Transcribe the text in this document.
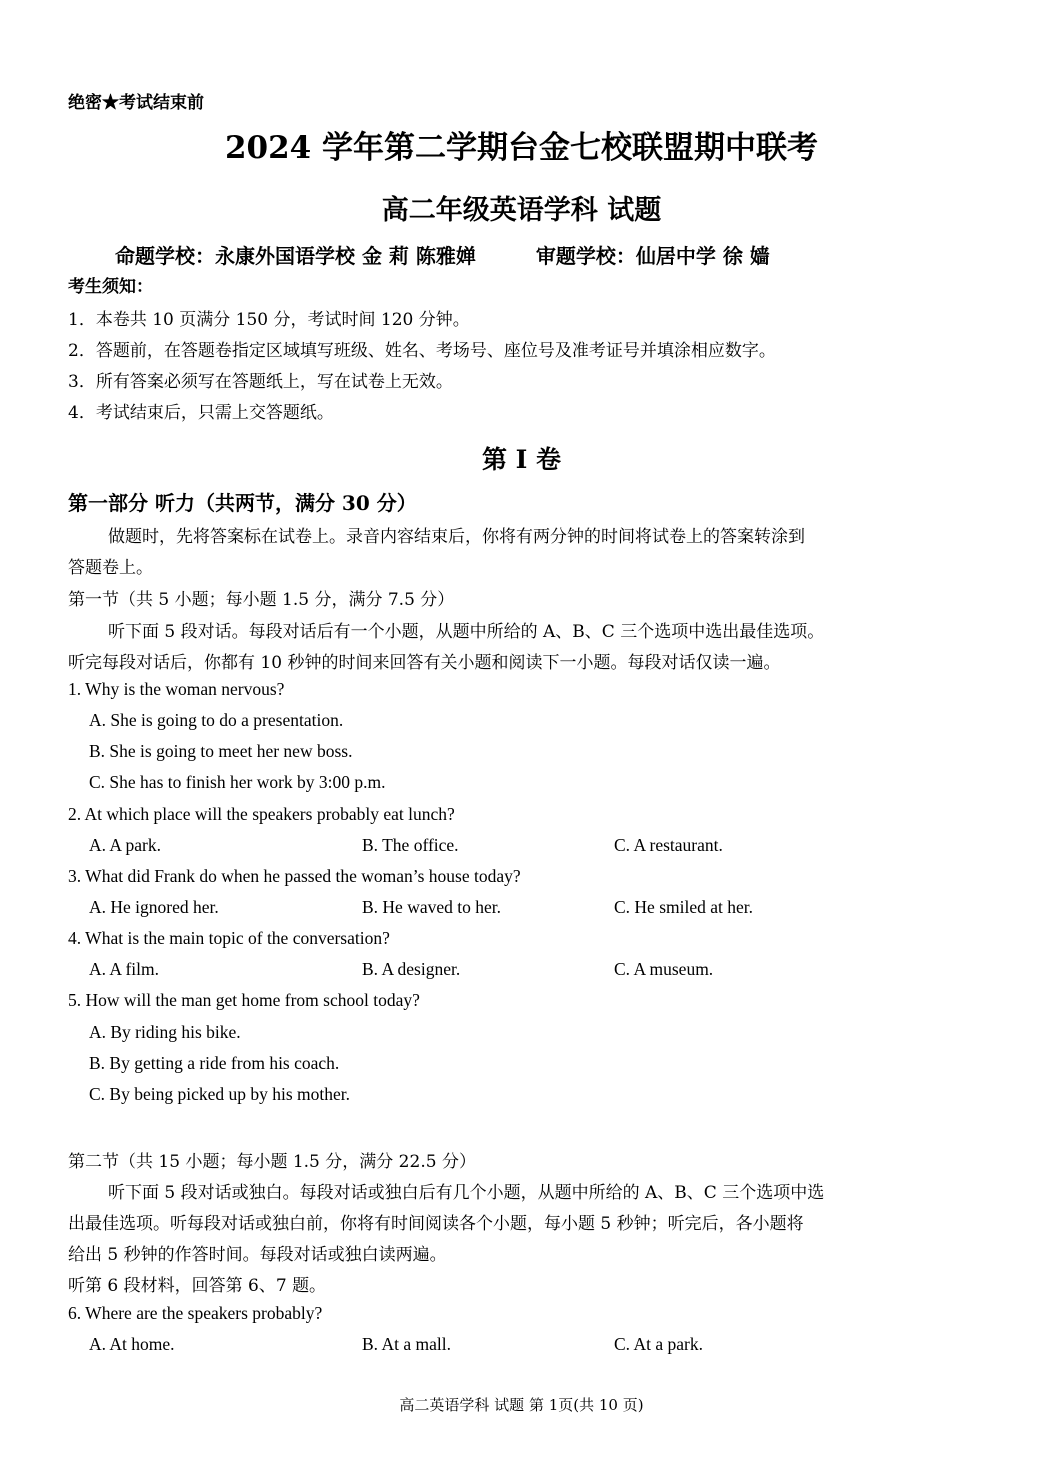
绝密★考试结束前
2024 学年第二学期台金七校联盟期中联考
高二年级英语学科 试题
命题学校：永康外国语学校 金 莉 陈雅婵	审题学校：仙居中学 徐 嫱
考生须知：
1．本卷共 10 页满分 150 分，考试时间 120 分钟。
2．答题前，在答题卷指定区域填写班级、姓名、考场号、座位号及准考证号并填涂相应数字。
3．所有答案必须写在答题纸上，写在试卷上无效。
4．考试结束后，只需上交答题纸。
第 I 卷
第一部分 听力（共两节，满分 30 分）
做题时，先将答案标在试卷上。录音内容结束后，你将有两分钟的时间将试卷上的答案转涂到
答题卷上。
第一节（共 5 小题；每小题 1.5 分，满分 7.5 分）
听下面 5 段对话。每段对话后有一个小题，从题中所给的 A、B、C 三个选项中选出最佳选项。
听完每段对话后，你都有 10 秒钟的时间来回答有关小题和阅读下一小题。每段对话仅读一遍。
1. Why is the woman nervous?
A. She is going to do a presentation.
B. She is going to meet her new boss.
C. She has to finish her work by 3:00 p.m.
2. At which place will the speakers probably eat lunch?
A. A park.	B. The office.	C. A restaurant.
3. What did Frank do when he passed the woman’s house today?
A. He ignored her.	B. He waved to her.	C. He smiled at her.
4. What is the main topic of the conversation?
A. A film.	B. A designer.	C. A museum.
5. How will the man get home from school today?
A. By riding his bike.
B. By getting a ride from his coach.
C. By being picked up by his mother.
第二节（共 15 小题；每小题 1.5 分，满分 22.5 分）
听下面 5 段对话或独白。每段对话或独白后有几个小题，从题中所给的 A、B、C 三个选项中选
出最佳选项。听每段对话或独白前，你将有时间阅读各个小题，每小题 5 秒钟；听完后，各小题将
给出 5 秒钟的作答时间。每段对话或独白读两遍。
听第 6 段材料，回答第 6、7 题。
6. Where are the speakers probably?
A. At home.	B. At a mall.	C. At a park.
高二英语学科 试题 第 1页(共 10 页)
